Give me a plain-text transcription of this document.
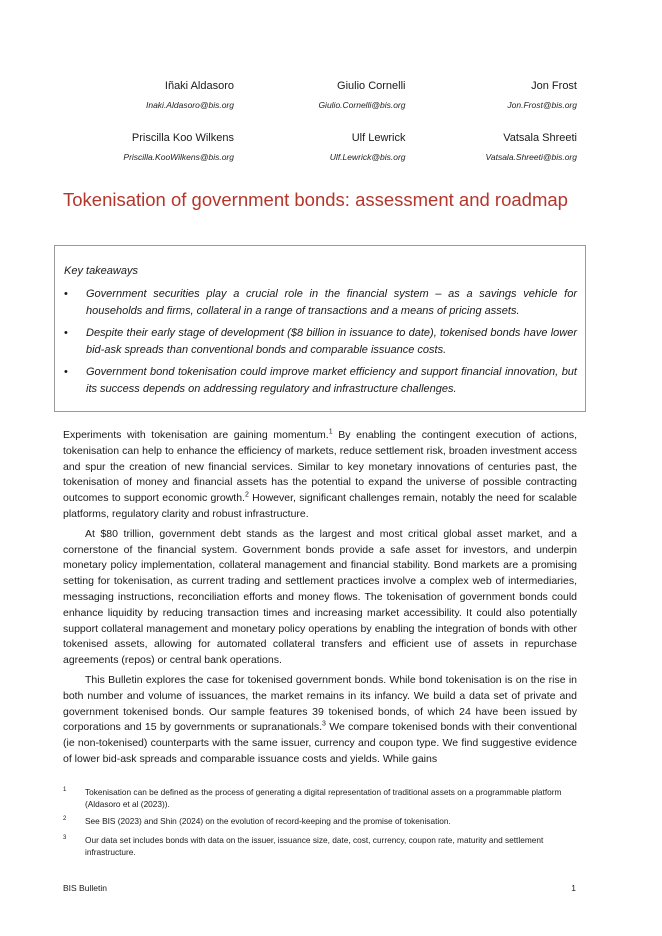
Iñaki Aldasoro
Inaki.Aldasoro@bis.org
Giulio Cornelli
Giulio.Cornelli@bis.org
Jon Frost
Jon.Frost@bis.org
Priscilla Koo Wilkens
Priscilla.KooWilkens@bis.org
Ulf Lewrick
Ulf.Lewrick@bis.org
Vatsala Shreeti
Vatsala.Shreeti@bis.org
Tokenisation of government bonds: assessment and roadmap
Key takeaways
• Government securities play a crucial role in the financial system – as a savings vehicle for households and firms, collateral in a range of transactions and a means of pricing assets.
• Despite their early stage of development ($8 billion in issuance to date), tokenised bonds have lower bid-ask spreads than conventional bonds and comparable issuance costs.
• Government bond tokenisation could improve market efficiency and support financial innovation, but its success depends on addressing regulatory and infrastructure challenges.

Experiments with tokenisation are gaining momentum.$^1$ By enabling the contingent execution of actions, tokenisation can help to enhance the efficiency of markets, reduce settlement risk, broaden investment access and spur the creation of new financial services. Similar to key monetary innovations of centuries past, the tokenisation of money and financial assets has the potential to expand the universe of possible contracting outcomes to support economic growth.$^2$ However, significant challenges remain, notably the need for scalable platforms, regulatory clarity and robust infrastructure.

At $80 trillion, government debt stands as the largest and most critical global asset market, and a cornerstone of the financial system. Government bonds provide a safe asset for investors, and underpin monetary policy implementation, collateral management and financial stability. Bond markets are a promising setting for tokenisation, as current trading and settlement practices involve a complex web of intermediaries, messaging instructions, reconciliation efforts and money flows. The tokenisation of government bonds could enhance liquidity by reducing transaction times and increasing market accessibility. It could also potentially support collateral management and monetary policy operations by enabling the integration of bonds with other tokenised assets, allowing for automated collateral transfers and efficient use of assets in repurchase agreements (repos) or central bank operations.

This Bulletin explores the case for tokenised government bonds. While bond tokenisation is on the rise in both number and volume of issuances, the market remains in its infancy. We build a data set of private and government tokenised bonds. Our sample features 39 tokenised bonds, of which 24 have been issued by corporations and 15 by governments or supranationals.$^3$ We compare tokenised bonds with their conventional (ie non-tokenised) counterparts with the same issuer, currency and coupon type. We find suggestive evidence of lower bid-ask spreads and comparable issuance costs and yields. While gains

1 Tokenisation can be defined as the process of generating a digital representation of traditional assets on a programmable platform (Aldasoro et al (2023)).
2 See BIS (2023) and Shin (2024) on the evolution of record-keeping and the promise of tokenisation.
3 Our data set includes bonds with data on the issuer, issuance size, date, cost, currency, coupon rate, maturity and settlement infrastructure.
BIS Bulletin	1
